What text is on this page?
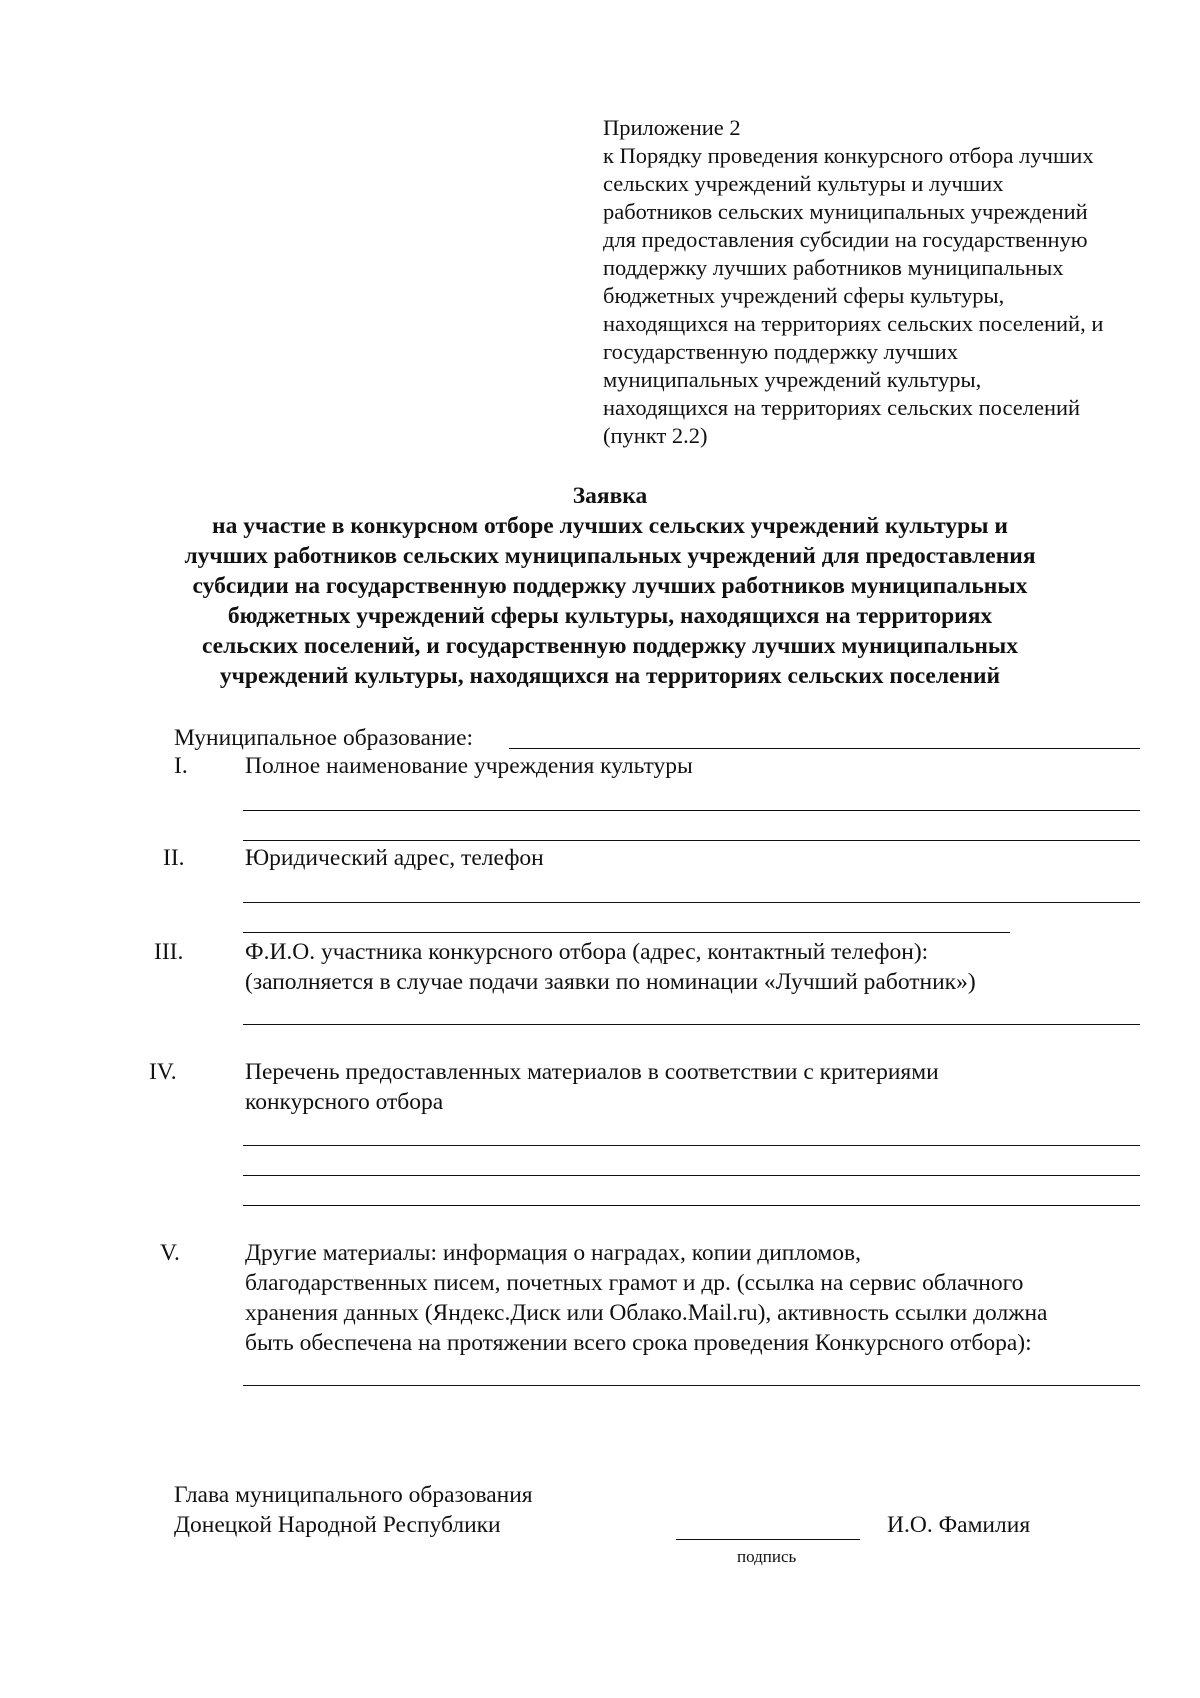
Приложение 2
к Порядку проведения конкурсного отбора лучших
сельских учреждений культуры и лучших
работников сельских муниципальных учреждений
для предоставления субсидии на государственную
поддержку лучших работников муниципальных
бюджетных учреждений сферы культуры,
находящихся на территориях сельских поселений, и
государственную поддержку лучших
муниципальных учреждений культуры,
находящихся на территориях сельских поселений
(пункт 2.2)
Заявка
на участие в конкурсном отборе лучших сельских учреждений культуры и
лучших работников сельских муниципальных учреждений для предоставления
субсидии на государственную поддержку лучших работников муниципальных
бюджетных учреждений сферы культуры, находящихся на территориях
сельских поселений, и государственную поддержку лучших муниципальных
учреждений культуры, находящихся на территориях сельских поселений
Муниципальное образование:
I. Полное наименование учреждения культуры
II.	Юридический адрес, телефон
III.	Ф.И.О. участника конкурсного отбора (адрес, контактный телефон):
(заполняется в случае подачи заявки по номинации «Лучший работник»)
IV.	Перечень предоставленных материалов в соответствии с критериями
конкурсного отбора
V.	Другие материалы: информация о наградах, копии дипломов,
благодарственных писем, почетных грамот и др. (ссылка на сервис облачного
хранения данных (Яндекс.Диск или Облако.Mail.ru), активность ссылки должна
быть обеспечена на протяжении всего срока проведения Конкурсного отбора):
Глава муниципального образования
Донецкой Народной Республики
подпись
И.О. Фамилия
